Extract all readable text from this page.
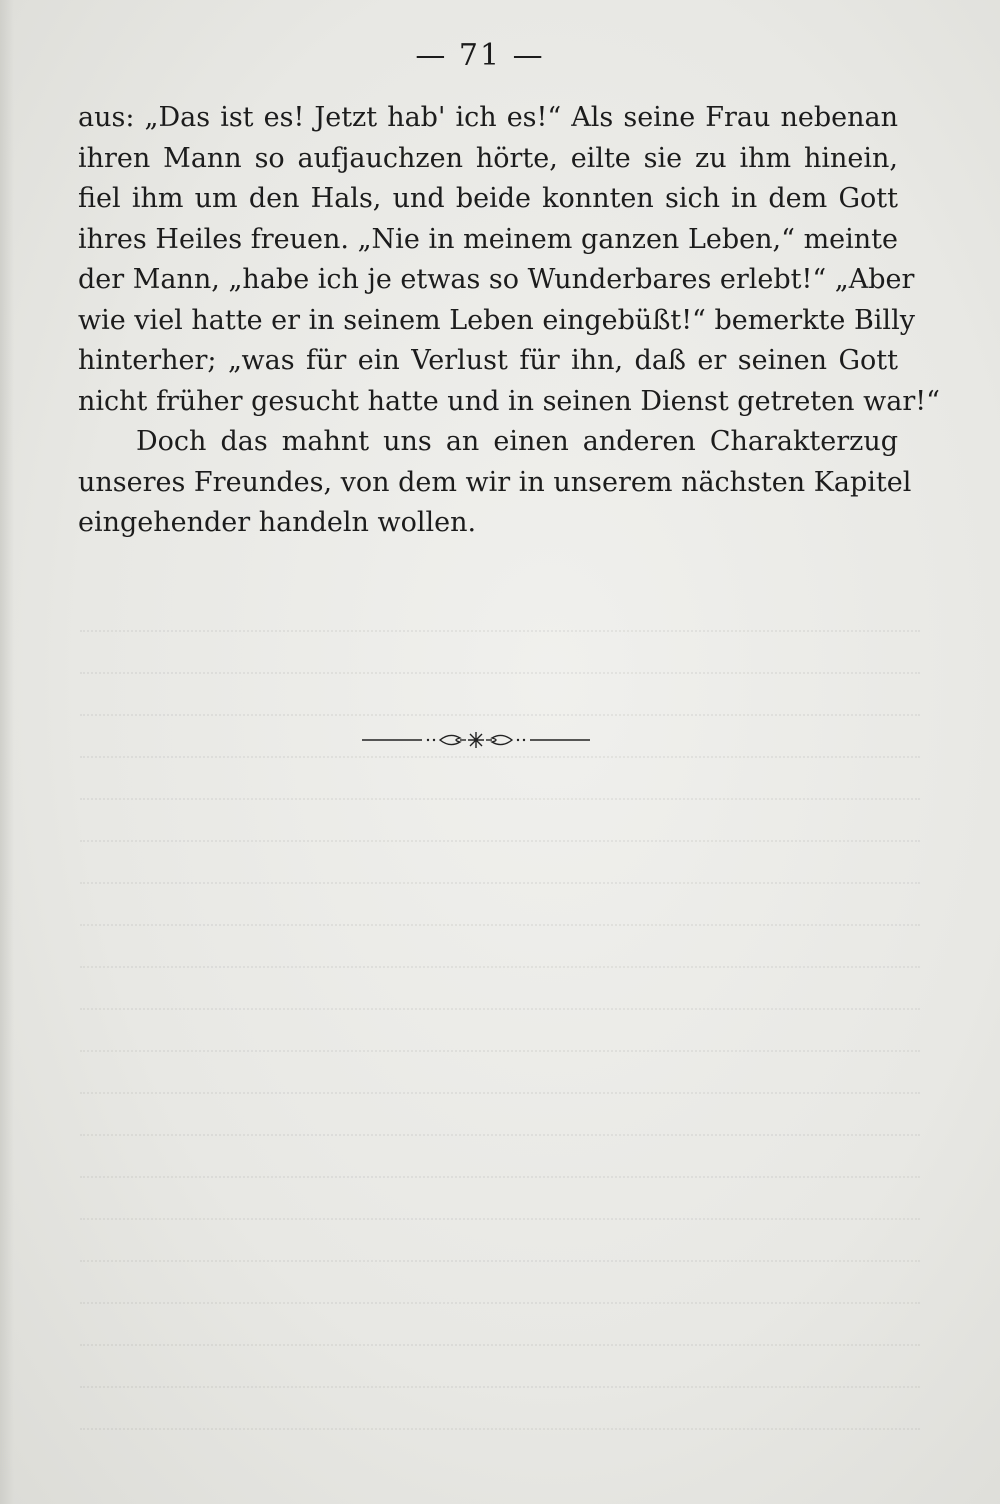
— 71 —
aus: „Das ist es! Jetzt hab' ich es!“ Als seine Frau nebenan
ihren Mann so aufjauchzen hörte, eilte sie zu ihm hinein,
fiel ihm um den Hals, und beide konnten sich in dem Gott
ihres Heiles freuen. „Nie in meinem ganzen Leben,“ meinte
der Mann, „habe ich je etwas so Wunderbares erlebt!“ „Aber
wie viel hatte er in seinem Leben eingebüßt!“ bemerkte Billy
hinterher; „was für ein Verlust für ihn, daß er seinen Gott
nicht früher gesucht hatte und in seinen Dienst getreten war!“
Doch das mahnt uns an einen anderen Charakterzug
unseres Freundes, von dem wir in unserem nächsten Kapitel
eingehender handeln wollen.
